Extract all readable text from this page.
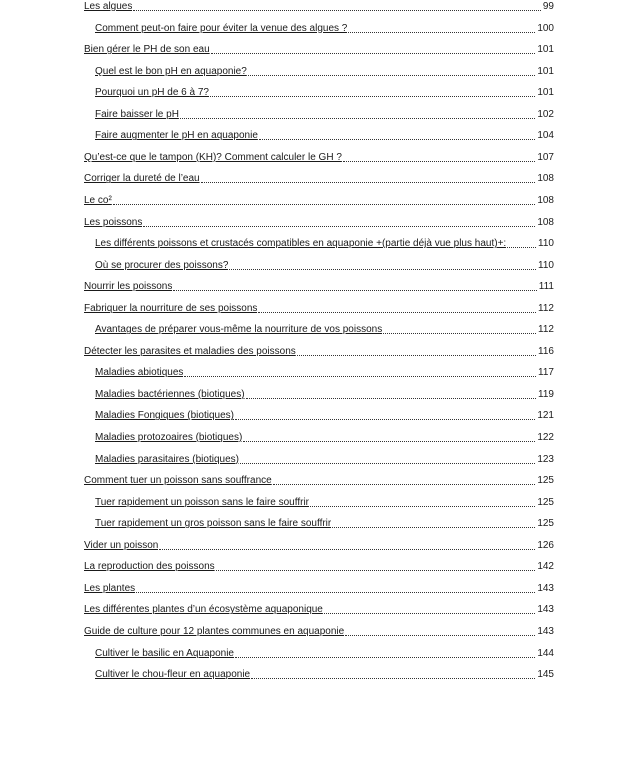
Les algues	99
Comment peut-on faire pour éviter la venue des algues ?	100
Bien gérer le PH de son eau	101
Quel est le bon pH en aquaponie?	101
Pourquoi un pH de 6 à 7?	101
Faire baisser le pH	102
Faire augmenter le pH en aquaponie	104
Qu’est-ce que le tampon (KH)? Comment calculer le GH ?	107
Corriger la dureté de l’eau	108
Le co²	108
Les poissons	108
Les différents poissons et crustacés compatibles en aquaponie +(partie déjà vue plus haut)+:	110
Où se procurer des poissons?	110
Nourrir les poissons	111
Fabriquer la nourriture de ses poissons	112
Avantages de préparer vous-même la nourriture de vos poissons	112
Détecter les parasites et maladies des poissons	116
Maladies abiotiques	117
Maladies bactériennes (biotiques)	119
Maladies Fongiques (biotiques)	121
Maladies protozoaires (biotiques)	122
Maladies parasitaires (biotiques)	123
Comment tuer un poisson sans souffrance	125
Tuer rapidement un poisson sans le faire souffrir	125
Tuer rapidement un gros poisson sans le faire souffrir	125
Vider un poisson	126
La reproduction des poissons	142
Les plantes	143
Les différentes plantes d’un écosystème aquaponique	143
Guide de culture pour 12 plantes communes en aquaponie	143
Cultiver le basilic en Aquaponie	144
Cultiver le chou-fleur en aquaponie	145
